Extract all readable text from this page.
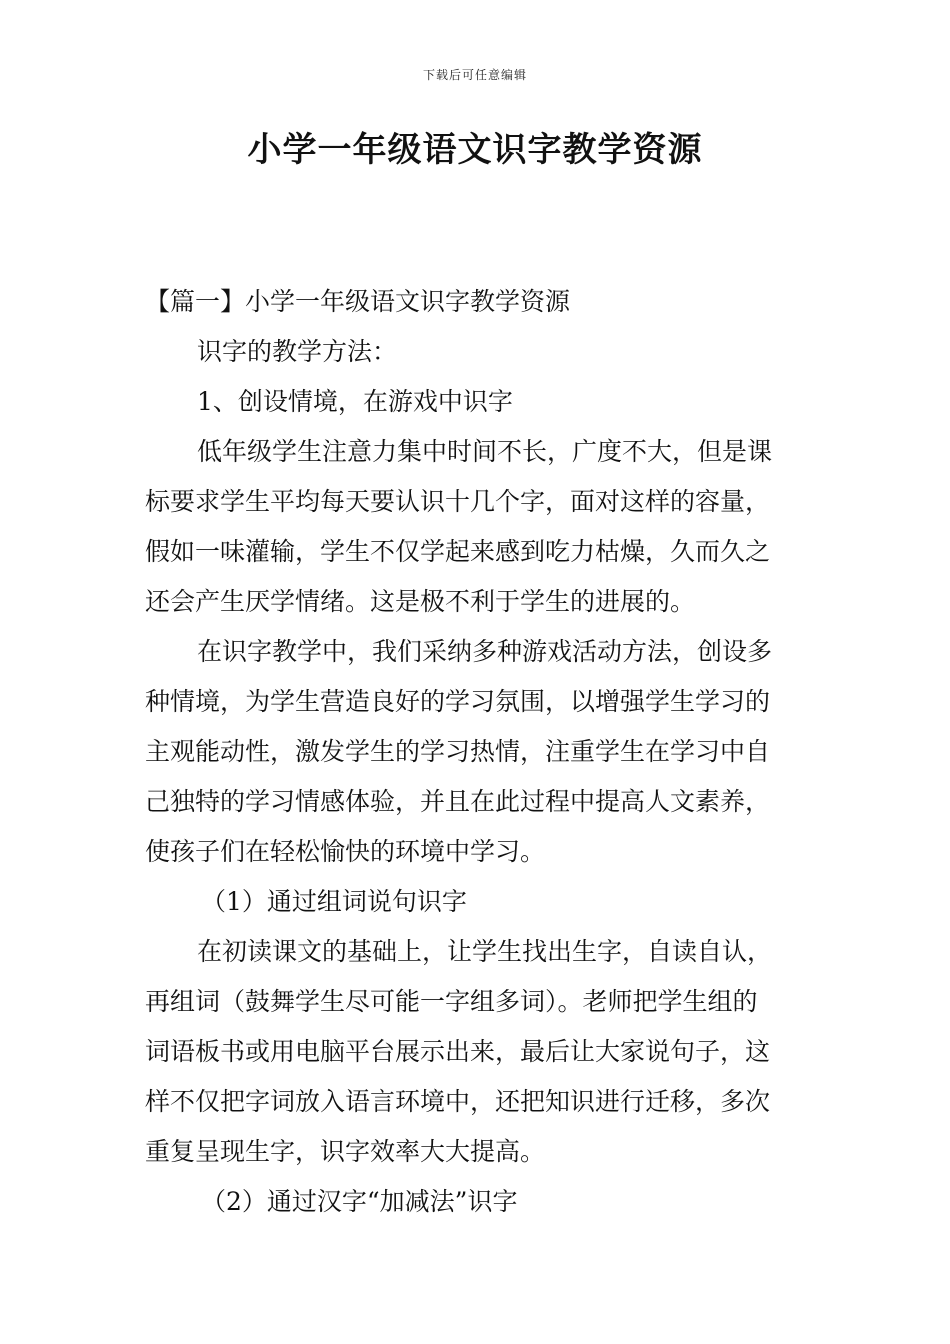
下载后可任意编辑
小学一年级语文识字教学资源
【篇一】小学一年级语文识字教学资源
识字的教学方法：
1、创设情境，在游戏中识字
低年级学生注意力集中时间不长，广度不大，但是课
标要求学生平均每天要认识十几个字，面对这样的容量，
假如一味灌输，学生不仅学起来感到吃力枯燥，久而久之
还会产生厌学情绪。这是极不利于学生的进展的。
在识字教学中，我们采纳多种游戏活动方法，创设多
种情境，为学生营造良好的学习氛围，以增强学生学习的
主观能动性，激发学生的学习热情，注重学生在学习中自
己独特的学习情感体验，并且在此过程中提高人文素养，
使孩子们在轻松愉快的环境中学习。
（1）通过组词说句识字
在初读课文的基础上，让学生找出生字，自读自认，
再组词（鼓舞学生尽可能一字组多词）。老师把学生组的
词语板书或用电脑平台展示出来，最后让大家说句子，这
样不仅把字词放入语言环境中，还把知识进行迁移，多次
重复呈现生字，识字效率大大提高。
（2）通过汉字“加减法”识字
